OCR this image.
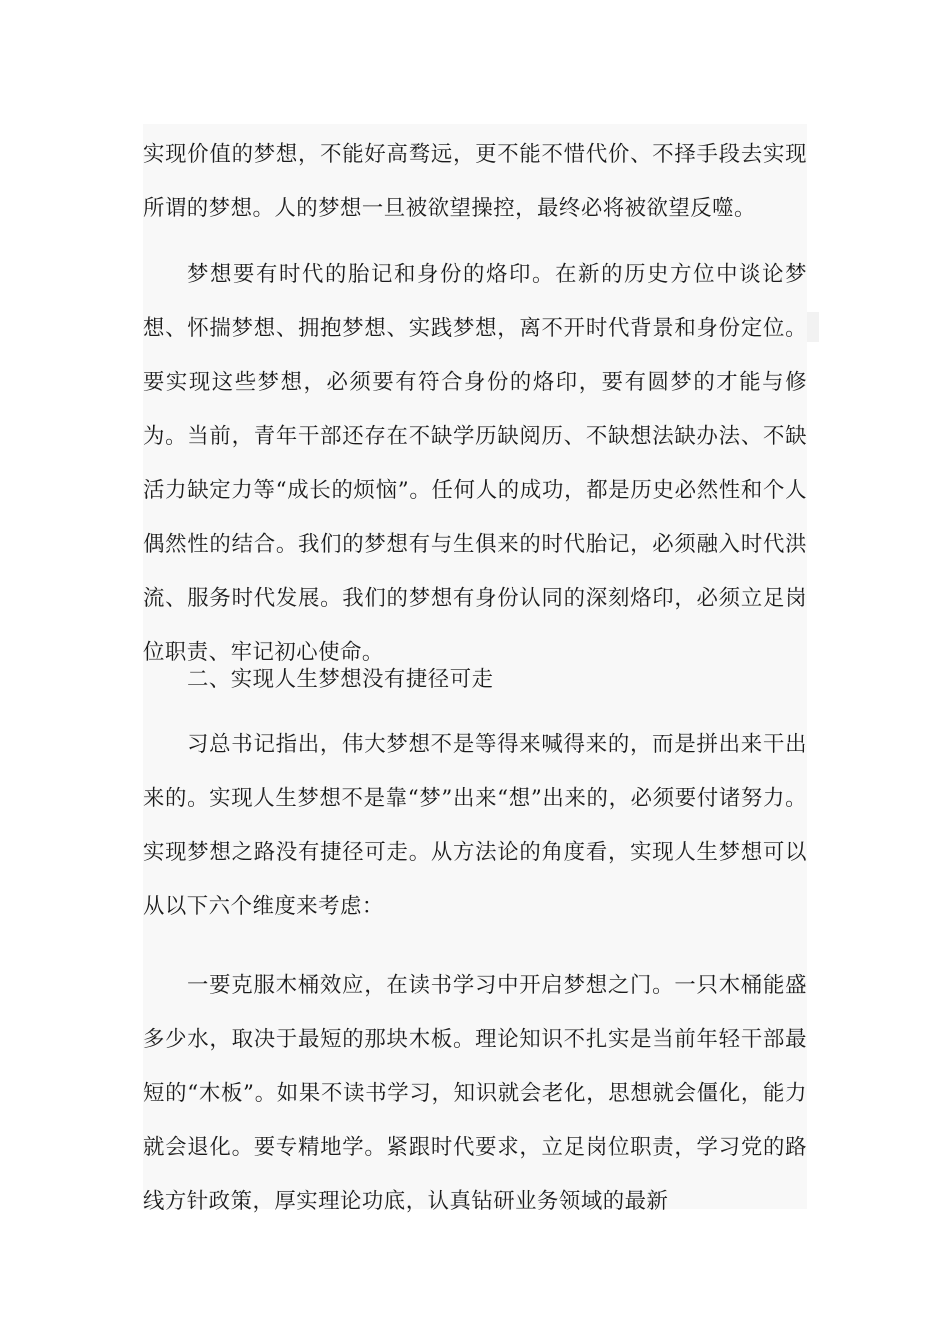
实现价值的梦想，不能好高骛远，更不能不惜代价、不择手段去实现所谓的梦想。人的梦想一旦被欲望操控，最终必将被欲望反噬。

梦想要有时代的胎记和身份的烙印。在新的历史方位中谈论梦想、怀揣梦想、拥抱梦想、实践梦想，离不开时代背景和身份定位。要实现这些梦想，必须要有符合身份的烙印，要有圆梦的才能与修为。当前，青年干部还存在不缺学历缺阅历、不缺想法缺办法、不缺活力缺定力等“成长的烦恼”。任何人的成功，都是历史必然性和个人偶然性的结合。我们的梦想有与生俱来的时代胎记，必须融入时代洪流、服务时代发展。我们的梦想有身份认同的深刻烙印，必须立足岗位职责、牢记初心使命。

二、实现人生梦想没有捷径可走

习总书记指出，伟大梦想不是等得来喊得来的，而是拼出来干出来的。实现人生梦想不是靠“梦”出来“想”出来的，必须要付诸努力。实现梦想之路没有捷径可走。从方法论的角度看，实现人生梦想可以从以下六个维度来考虑：

一要克服木桶效应，在读书学习中开启梦想之门。一只木桶能盛多少水，取决于最短的那块木板。理论知识不扎实是当前年轻干部最短的“木板”。如果不读书学习，知识就会老化，思想就会僵化，能力就会退化。要专精地学。紧跟时代要求，立足岗位职责，学习党的路线方针政策，厚实理论功底，认真钻研业务领域的最新
